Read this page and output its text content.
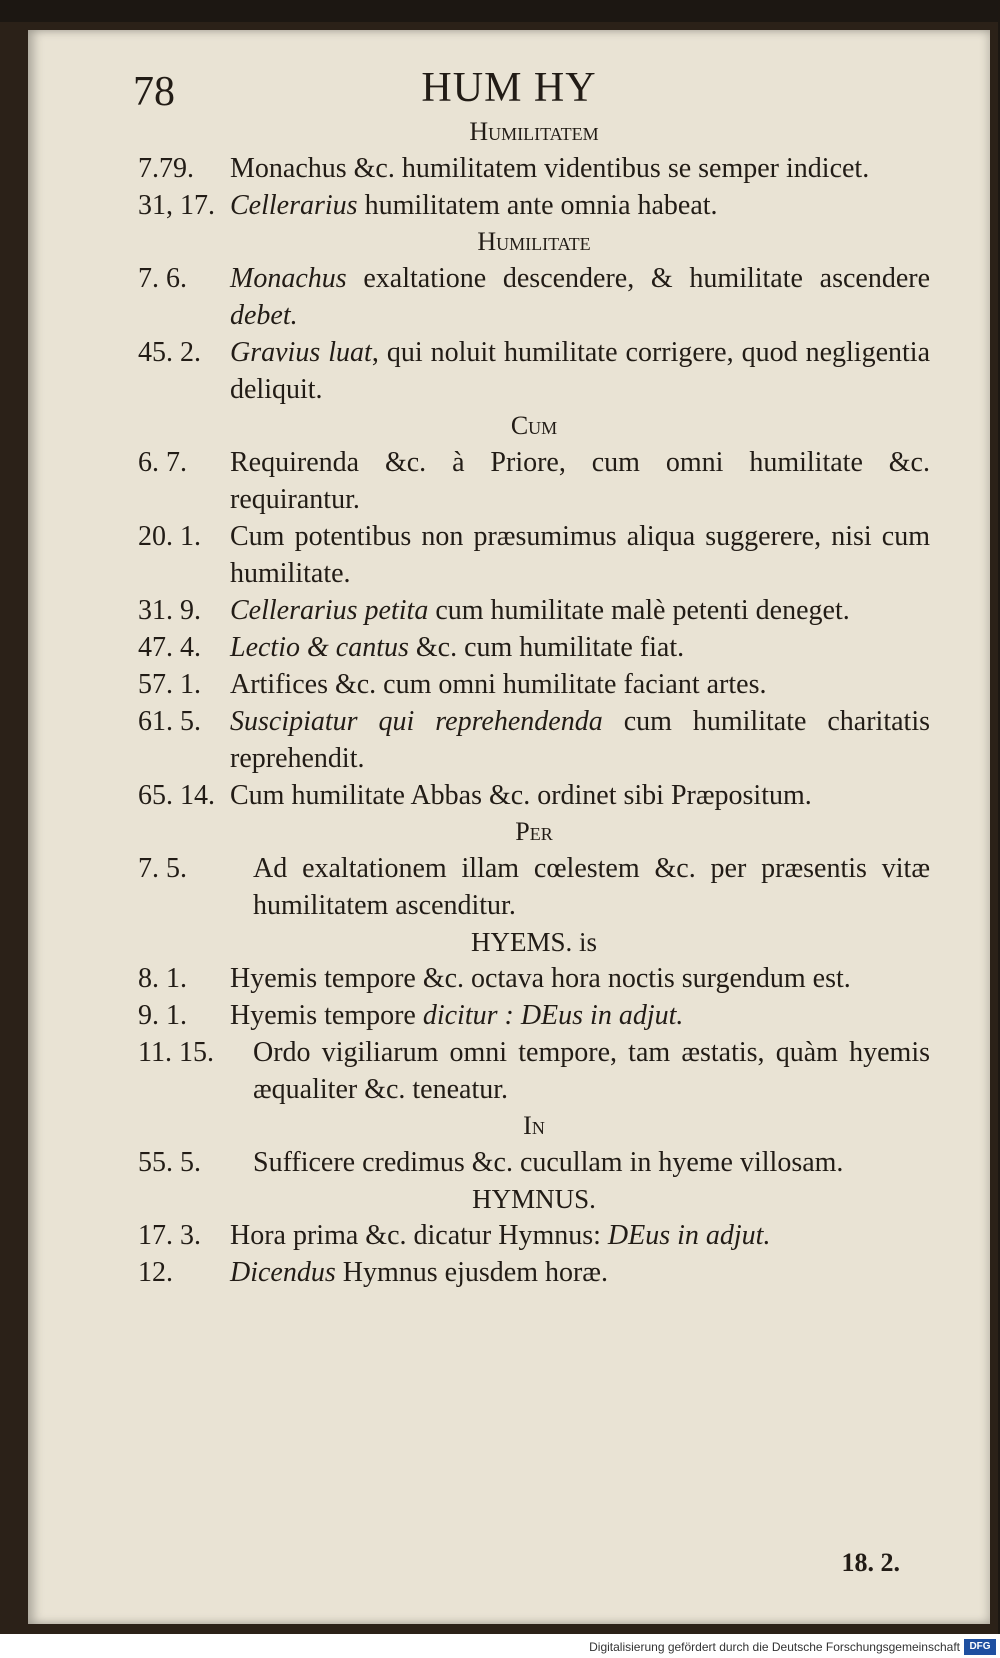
78	HUM HY
Humilitatem
7.79.	Monachus &c. humilitatem videntibus se semper indicet.
31, 17. Cellerarius humilitatem ante omnia habeat.
Humilitate
7. 6.	Monachus exaltatione descendere, & humilitate ascendere debet.
45. 2.	Gravius luat, qui noluit humilitate corrigere, quod negligentia deliquit.
Cum
6. 7.	Requirenda &c. à Priore, cum omni humilitate &c. requirantur.
20. 1.	Cum potentibus non præsumimus aliqua suggerere, nisi cum humilitate.
31. 9.	Cellerarius petita cum humilitate malè petenti deneget.
47. 4.	Lectio & cantus &c. cum humilitate fiat.
57. 1.	Artifices &c. cum omni humilitate faciant artes.
61. 5.	Suscipiatur qui reprehendenda cum humilitate charitatis reprehendit.
65. 14. Cum humilitate Abbas &c. ordinet sibi Præpositum.
Per
7. 5.	Ad exaltationem illam cœlestem &c. per præsentis vitæ humilitatem ascenditur.
HYEMS. is
8. 1.	Hyemis tempore &c. octava hora noctis surgendum est.
9. 1.	Hyemis tempore dicitur : DEus in adjut.
11. 15.	Ordo vigiliarum omni tempore, tam æstatis, quàm hyemis æqualiter &c. teneatur.
In
55. 5.	Sufficere credimus &c. cucullam in hyeme villosam.
HYMNUS.
17. 3.	Hora prima &c. dicatur Hymnus: DEus in adjut.
12.	Dicendus Hymnus ejusdem horæ.
18. 2.
Digitalisierung gefördert durch die Deutsche Forschungsgemeinschaft DFG
